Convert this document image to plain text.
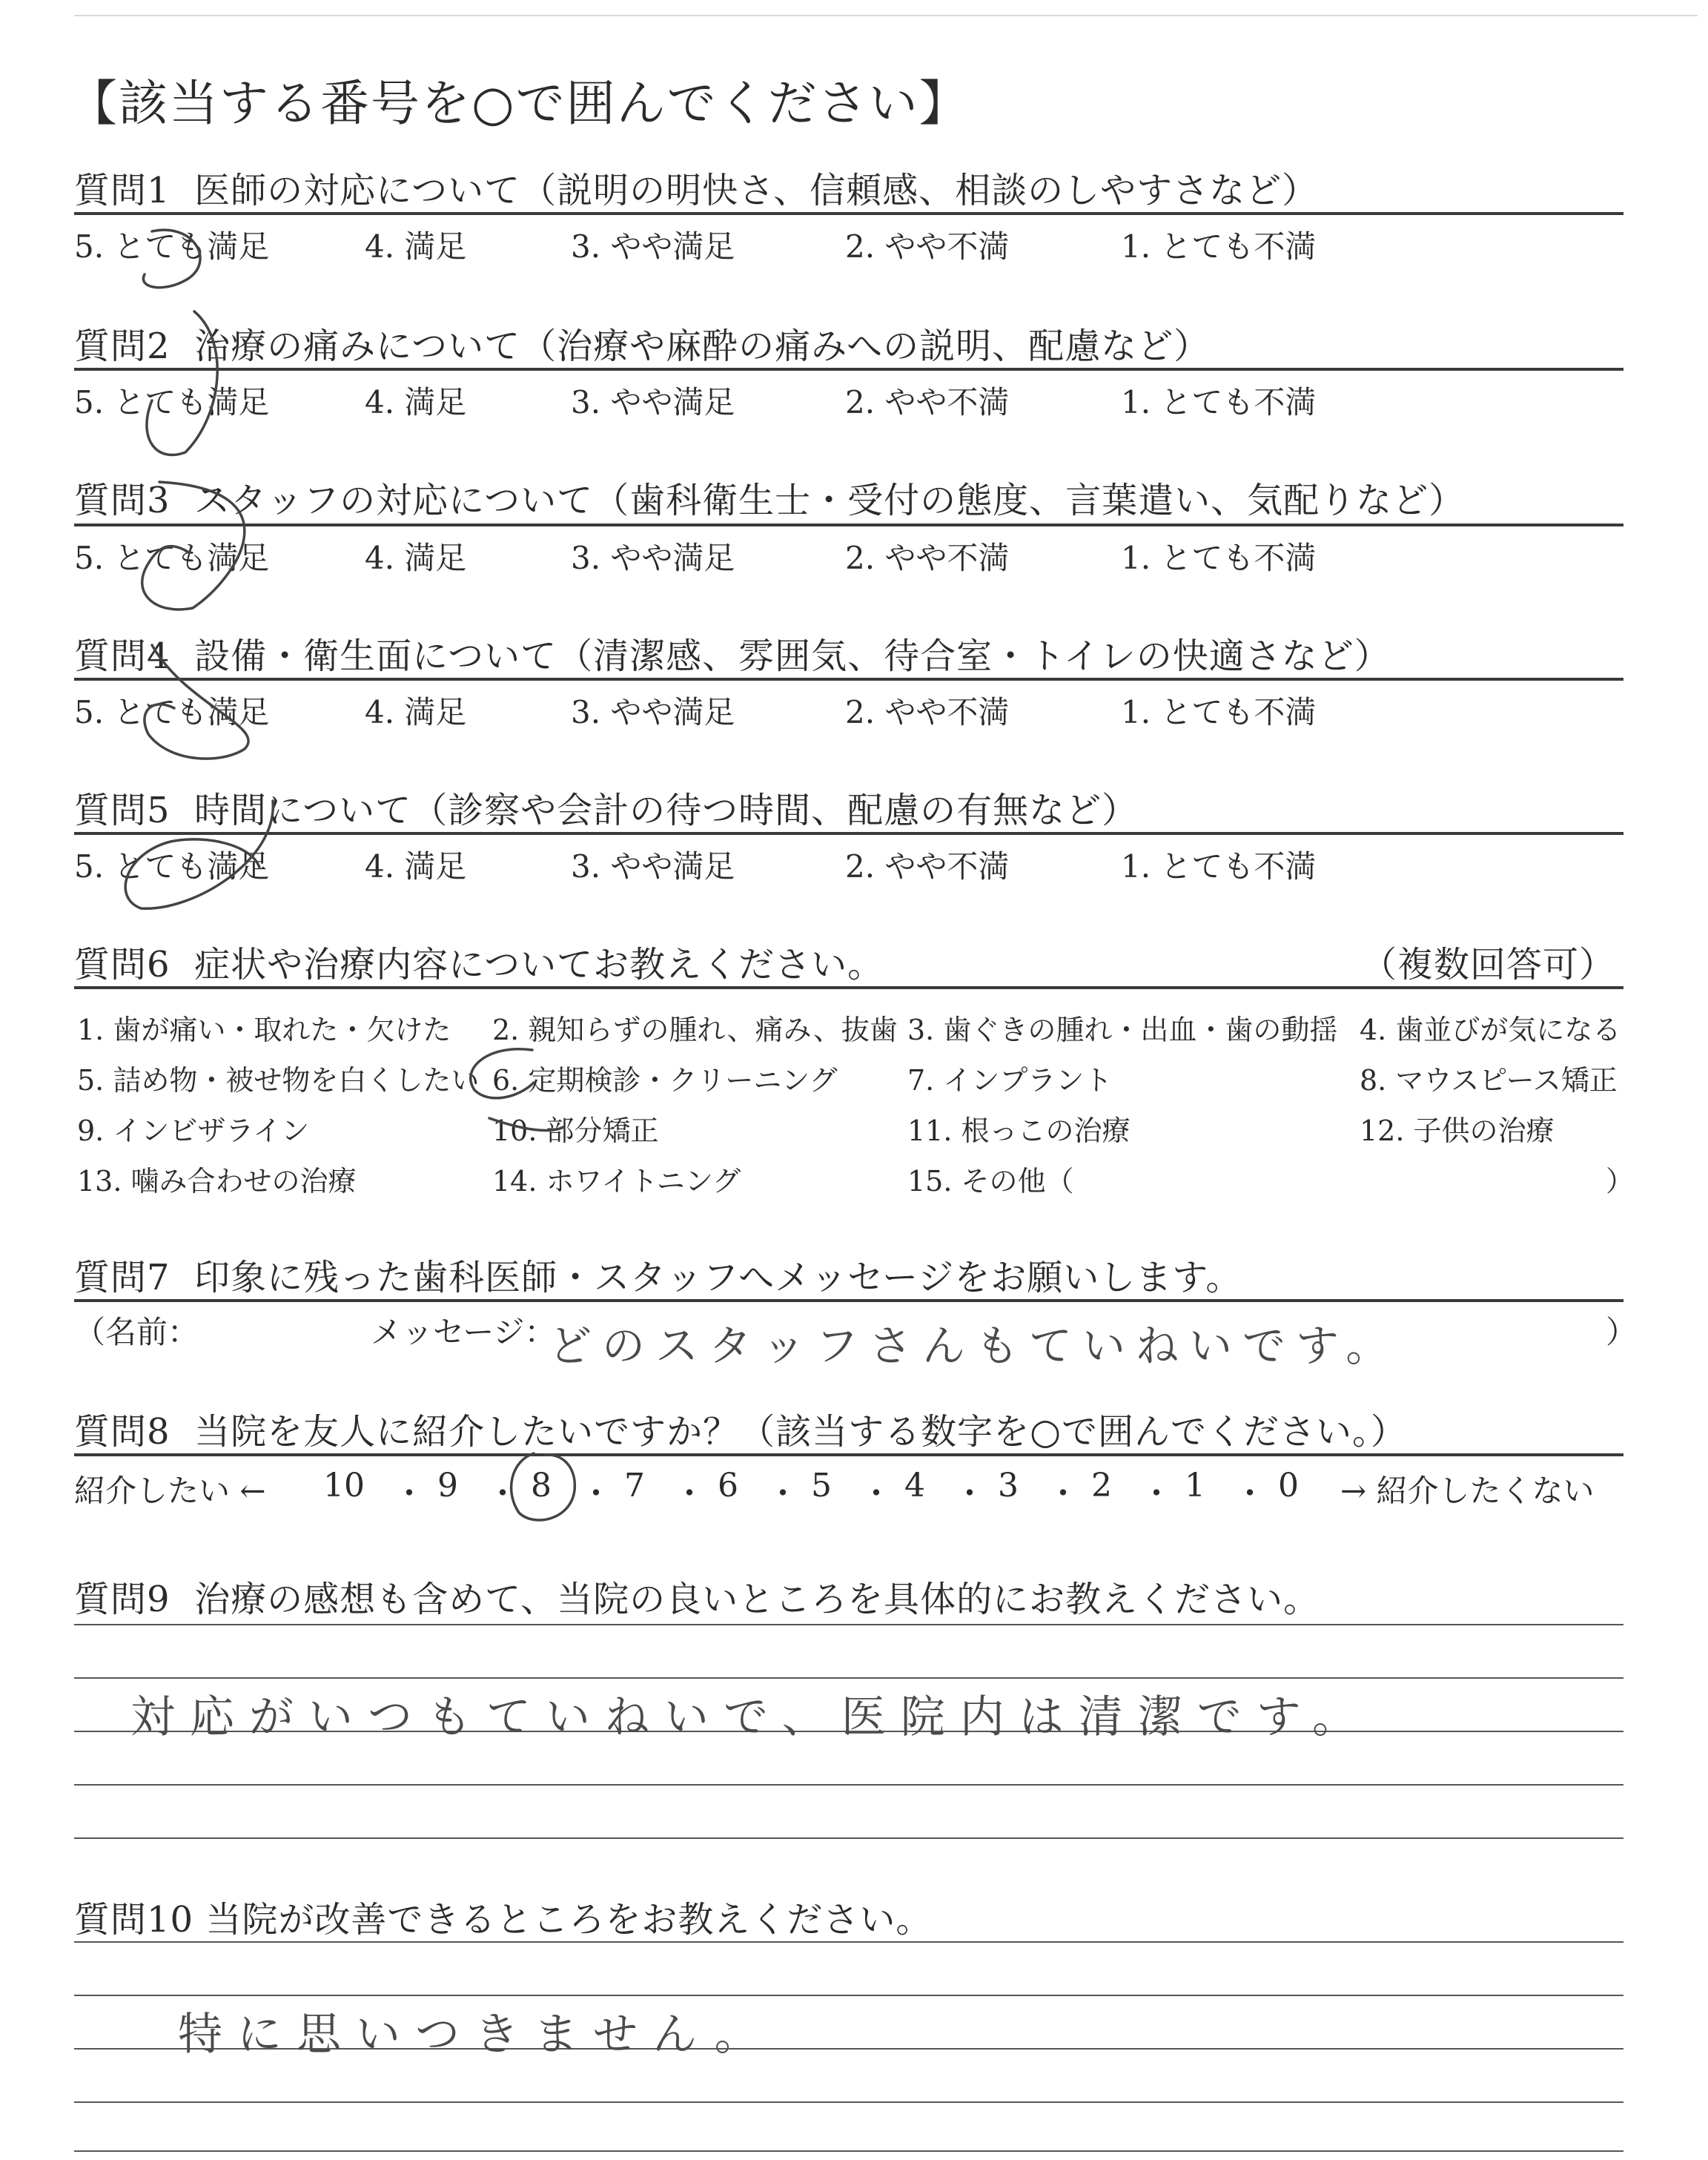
【該当する番号を○で囲んでください】
質問1 医師の対応について（説明の明快さ、信頼感、相談のしやすさなど）
5. とても満足	4. 満足	3. やや満足	2. やや不満	1. とても不満
質問2 治療の痛みについて（治療や麻酔の痛みへの説明、配慮など）
5. とても満足	4. 満足	3. やや満足	2. やや不満	1. とても不満
質問3 スタッフの対応について（歯科衛生士・受付の態度、言葉遣い、気配りなど）
5. とても満足	4. 満足	3. やや満足	2. やや不満	1. とても不満
質問4 設備・衛生面について（清潔感、雰囲気、待合室・トイレの快適さなど）
5. とても満足	4. 満足	3. やや満足	2. やや不満	1. とても不満
質問5 時間について（診察や会計の待つ時間、配慮の有無など）
5. とても満足	4. 満足	3. やや満足	2. やや不満	1. とても不満
質問6 症状や治療内容についてお教えください。	（複数回答可）
1. 歯が痛い・取れた・欠けた 2. 親知らずの腫れ、痛み、抜歯 3. 歯ぐきの腫れ・出血・歯の動揺 4. 歯並びが気になる
5. 詰め物・被せ物を白くしたい 6. 定期検診・クリーニング 7. インプラント	8. マウスピース矯正
9. インビザライン	10. 部分矯正	11. 根っこの治療	12. 子供の治療
13. 噛み合わせの治療	14. ホワイトニング	15. その他（	）
質問7 印象に残った歯科医師・スタッフへメッセージをお願いします。
（名前：	メッセージ：
どのスタッフさんもていねいです。	）
質問8 当院を友人に紹介したいですか？（該当する数字を○で囲んでください。）
紹介したい ← 10 9 8 7 6 5 4 3 2 1 0
・ ・ ・ ・ ・ ・ ・ ・ ・ ・ → 紹介したくない
質問9 治療の感想も含めて、当院の良いところを具体的にお教えください。
対応がいつもていねいで、医院内は清潔です。
質問10 当院が改善できるところをお教えください。
特に思いつきません。
